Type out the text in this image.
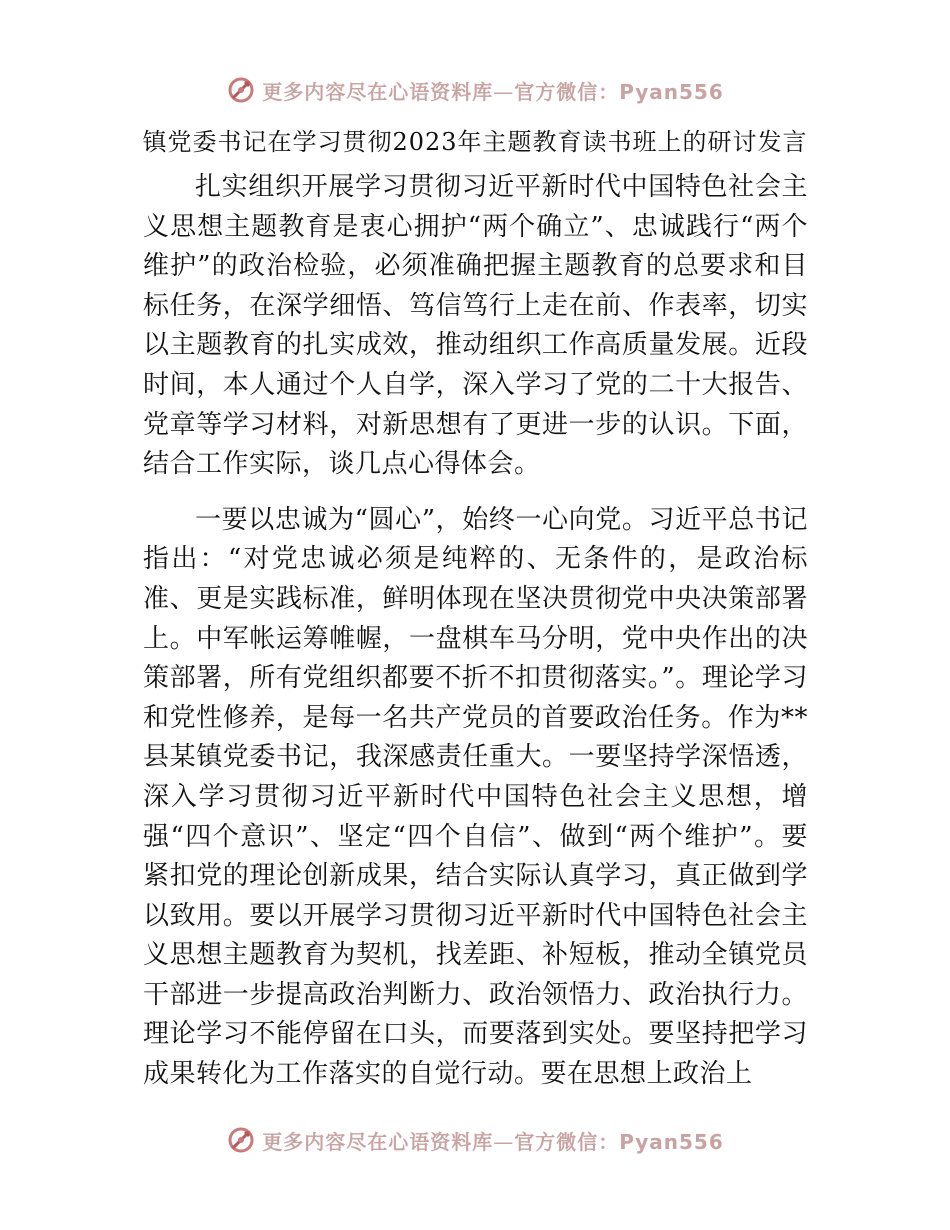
更多内容尽在心语资料库—官方微信：Pyan556
镇党委书记在学习贯彻2023年主题教育读书班上的研讨发言

扎实组织开展学习贯彻习近平新时代中国特色社会主义思想主题教育是衷心拥护“两个确立”、忠诚践行“两个维护”的政治检验，必须准确把握主题教育的总要求和目标任务，在深学细悟、笃信笃行上走在前、作表率，切实以主题教育的扎实成效，推动组织工作高质量发展。近段时间，本人通过个人自学，深入学习了党的二十大报告、党章等学习材料，对新思想有了更进一步的认识。下面，结合工作实际，谈几点心得体会。

一要以忠诚为“圆心”，始终一心向党。习近平总书记指出：“对党忠诚必须是纯粹的、无条件的，是政治标准、更是实践标准，鲜明体现在坚决贯彻党中央决策部署上。中军帐运筹帷幄，一盘棋车马分明，党中央作出的决策部署，所有党组织都要不折不扣贯彻落实。”。理论学习和党性修养，是每一名共产党员的首要政治任务。作为**县某镇党委书记，我深感责任重大。一要坚持学深悟透，深入学习贯彻习近平新时代中国特色社会主义思想，增强“四个意识”、坚定“四个自信”、做到“两个维护”。要紧扣党的理论创新成果，结合实际认真学习，真正做到学以致用。要以开展学习贯彻习近平新时代中国特色社会主义思想主题教育为契机，找差距、补短板，推动全镇党员干部进一步提高政治判断力、政治领悟力、政治执行力。理论学习不能停留在口头，而要落到实处。要坚持把学习成果转化为工作落实的自觉行动。要在思想上政治上

更多内容尽在心语资料库—官方微信：Pyan556
